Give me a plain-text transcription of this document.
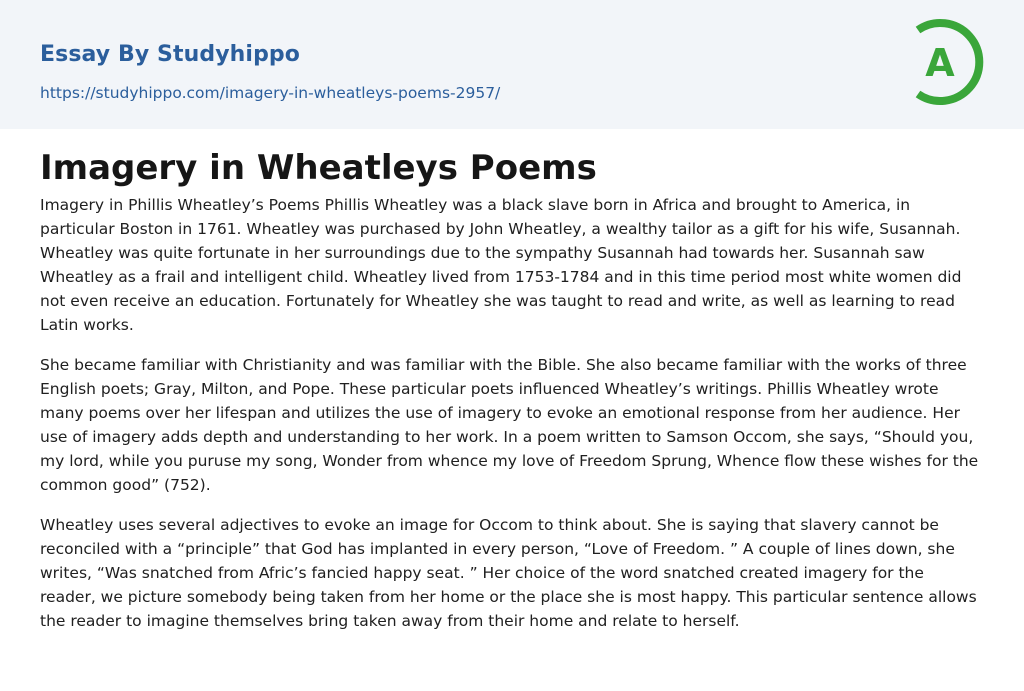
Essay By Studyhippo
https://studyhippo.com/imagery-in-wheatleys-poems-2957/
A
Imagery in Wheatleys Poems

Imagery in Phillis Wheatley’s Poems Phillis Wheatley was a black slave born in Africa and brought to America, in particular Boston in 1761. Wheatley was purchased by John Wheatley, a wealthy tailor as a gift for his wife, Susannah. Wheatley was quite fortunate in her surroundings due to the sympathy Susannah had towards her. Susannah saw Wheatley as a frail and intelligent child. Wheatley lived from 1753-1784 and in this time period most white women did not even receive an education. Fortunately for Wheatley she was taught to read and write, as well as learning to read Latin works.

She became familiar with Christianity and was familiar with the Bible. She also became familiar with the works of three English poets; Gray, Milton, and Pope. These particular poets influenced Wheatley’s writings. Phillis Wheatley wrote many poems over her lifespan and utilizes the use of imagery to evoke an emotional response from her audience. Her use of imagery adds depth and understanding to her work. In a poem written to Samson Occom, she says, “Should you, my lord, while you puruse my song, Wonder from whence my love of Freedom Sprung, Whence flow these wishes for the common good” (752).

Wheatley uses several adjectives to evoke an image for Occom to think about. She is saying that slavery cannot be reconciled with a “principle” that God has implanted in every person, “Love of Freedom. ” A couple of lines down, she writes, “Was snatched from Afric’s fancied happy seat. ” Her choice of the word snatched created imagery for the reader, we picture somebody being taken from her home or the place she is most happy. This particular sentence allows the reader to imagine themselves bring taken away from their home and relate to herself.
